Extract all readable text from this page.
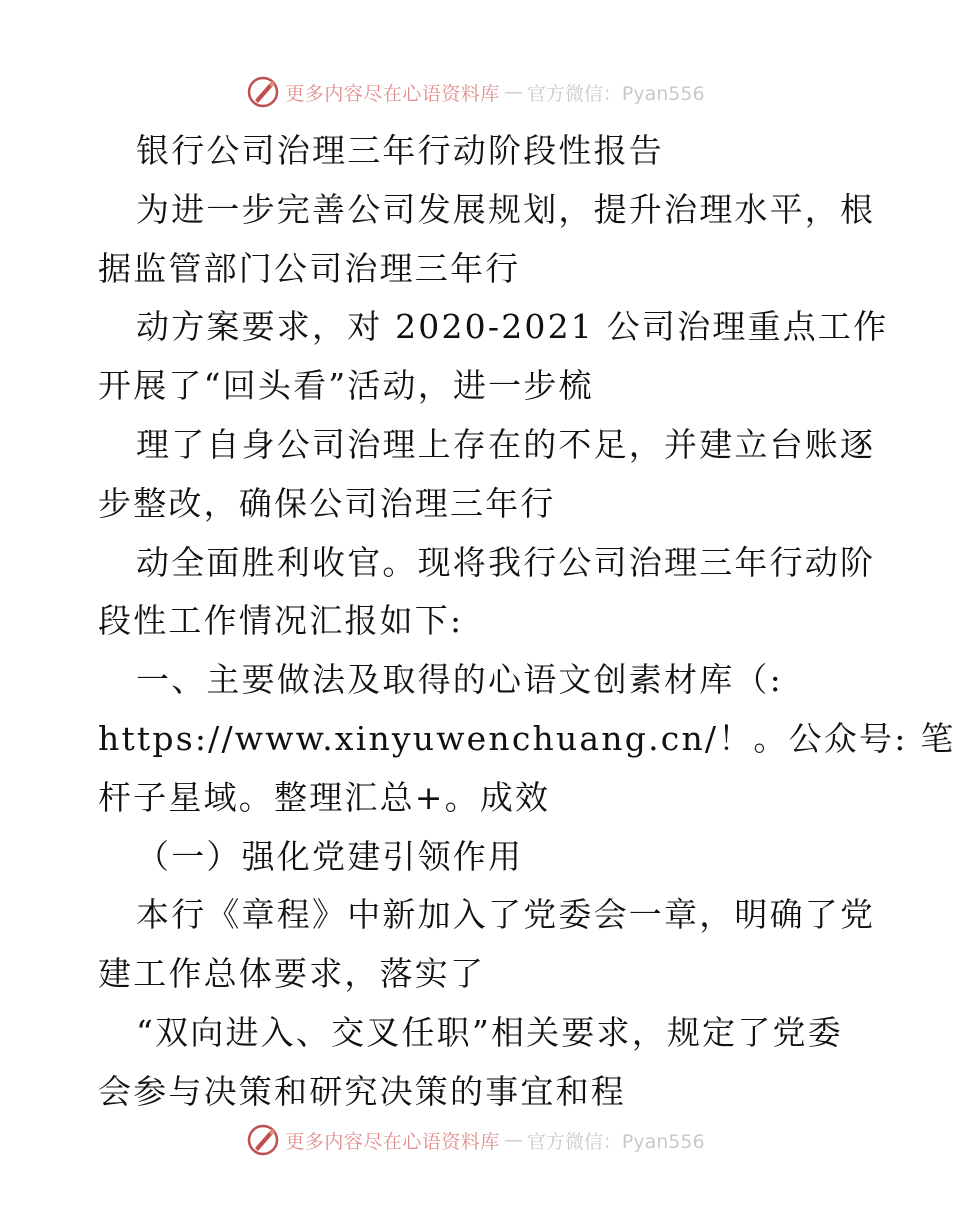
更多内容尽在心语资料库 — 官方微信：Pyan556
银行公司治理三年行动阶段性报告
为进一步完善公司发展规划，提升治理水平，根
据监管部门公司治理三年行
动方案要求，对 2020-2021 公司治理重点工作
开展了“回头看”活动，进一步梳
理了自身公司治理上存在的不足，并建立台账逐
步整改，确保公司治理三年行
动全面胜利收官。现将我行公司治理三年行动阶
段性工作情况汇报如下:
一、主要做法及取得的心语文创素材库（:
https://www.xinyuwenchuang.cn/！。公众号: 笔
杆子星域。整理汇总+。成效
（一）强化党建引领作用
本行《章程》中新加入了党委会一章，明确了党
建工作总体要求，落实了
“双向进入、交叉任职”相关要求，规定了党委
会参与决策和研究决策的事宜和程
更多内容尽在心语资料库 — 官方微信：Pyan556
